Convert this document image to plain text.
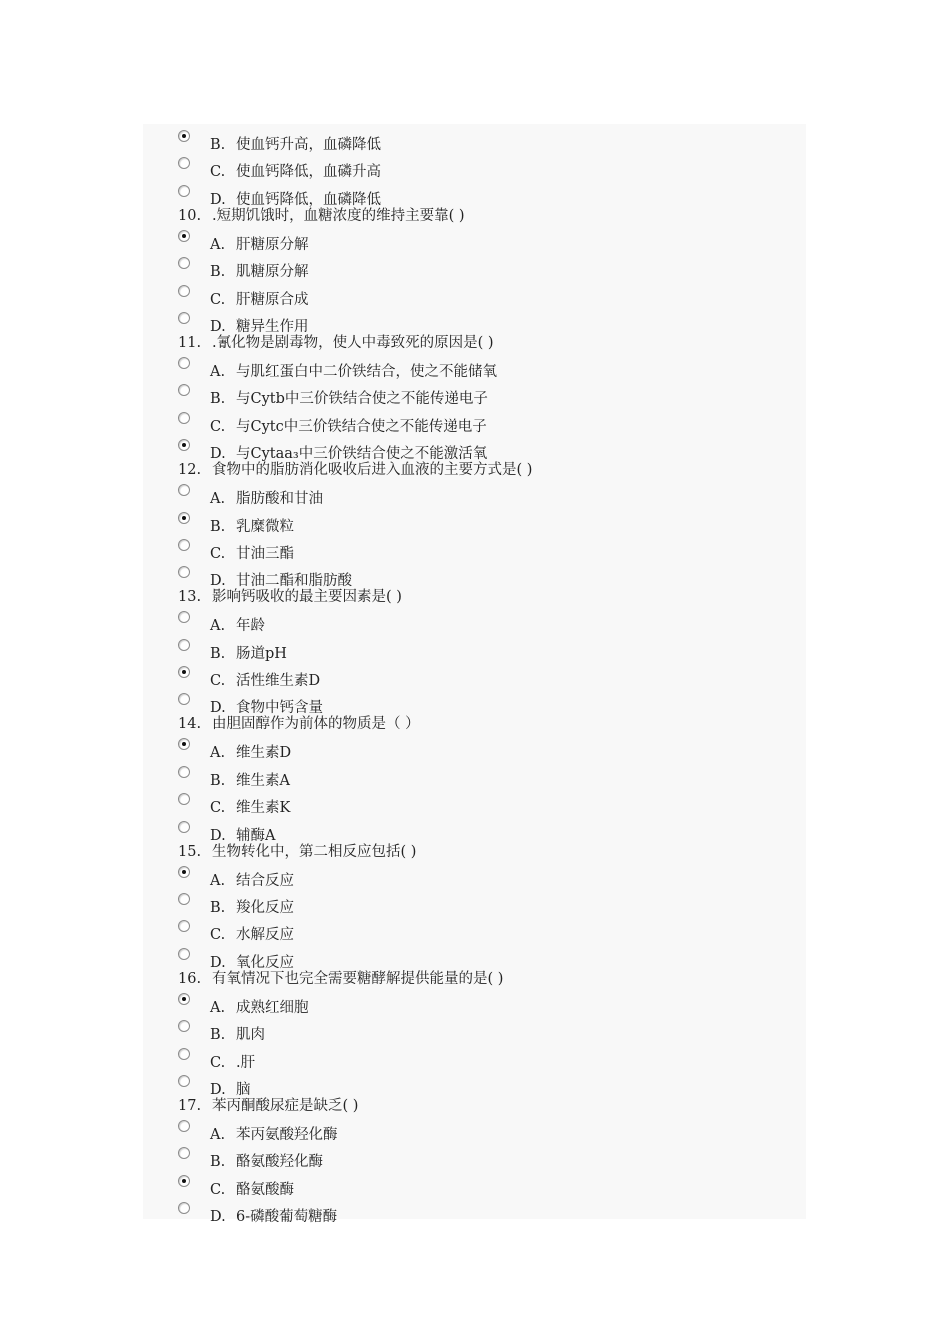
B. 使血钙升高，血磷降低
C. 使血钙降低，血磷升高
D. 使血钙降低，血磷降低
10. .短期饥饿时，血糖浓度的维持主要靠( )
A. 肝糖原分解
B. 肌糖原分解
C. 肝糖原合成
D. 糖异生作用
11. .氰化物是剧毒物，使人中毒致死的原因是( )
A. 与肌红蛋白中二价铁结合，使之不能储氧
B. 与Cytb中三价铁结合使之不能传递电子
C. 与Cytc中三价铁结合使之不能传递电子
D. 与Cytaa₃中三价铁结合使之不能激活氧
12. 食物中的脂肪消化吸收后进入血液的主要方式是( )
A. 脂肪酸和甘油
B. 乳糜微粒
C. 甘油三酯
D. 甘油二酯和脂肪酸
13. 影响钙吸收的最主要因素是( )
A. 年龄
B. 肠道pH
C. 活性维生素D
D. 食物中钙含量
14. 由胆固醇作为前体的物质是（ ）
A. 维生素D
B. 维生素A
C. 维生素K
D. 辅酶A
15. 生物转化中，第二相反应包括( )
A. 结合反应
B. 羧化反应
C. 水解反应
D. 氧化反应
16. 有氧情况下也完全需要糖酵解提供能量的是( )
A. 成熟红细胞
B. 肌肉
C. .肝
D. 脑
17. 苯丙酮酸尿症是缺乏( )
A. 苯丙氨酸羟化酶
B. 酪氨酸羟化酶
C. 酪氨酸酶
D. 6-磷酸葡萄糖酶
